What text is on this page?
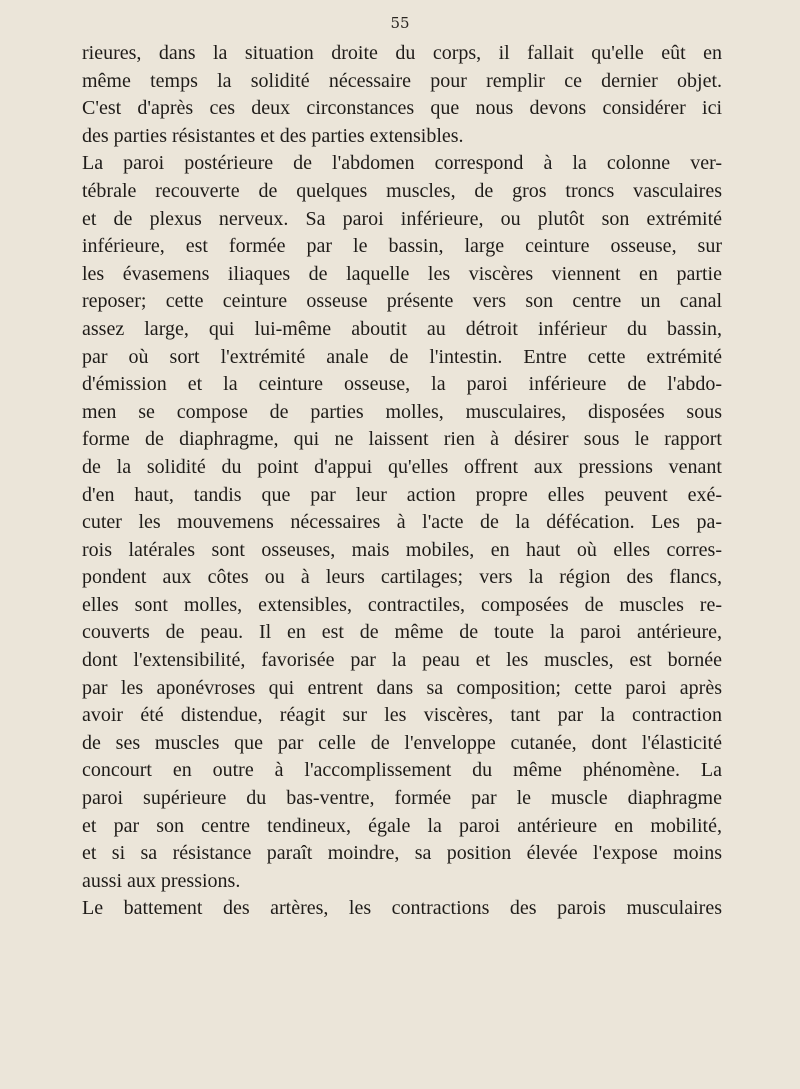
55
rieures, dans la situation droite du corps, il fallait qu'elle eût en
même temps la solidité nécessaire pour remplir ce dernier objet.
C'est d'après ces deux circonstances que nous devons considérer ici
des parties résistantes et des parties extensibles.
La paroi postérieure de l'abdomen correspond à la colonne ver-
tébrale recouverte de quelques muscles, de gros troncs vasculaires
et de plexus nerveux. Sa paroi inférieure, ou plutôt son extrémité
inférieure, est formée par le bassin, large ceinture osseuse, sur
les évasemens iliaques de laquelle les viscères viennent en partie
reposer; cette ceinture osseuse présente vers son centre un canal
assez large, qui lui-même aboutit au détroit inférieur du bassin,
par où sort l'extrémité anale de l'intestin. Entre cette extrémité
d'émission et la ceinture osseuse, la paroi inférieure de l'abdo-
men se compose de parties molles, musculaires, disposées sous
forme de diaphragme, qui ne laissent rien à désirer sous le rapport
de la solidité du point d'appui qu'elles offrent aux pressions venant
d'en haut, tandis que par leur action propre elles peuvent exé-
cuter les mouvemens nécessaires à l'acte de la défécation. Les pa-
rois latérales sont osseuses, mais mobiles, en haut où elles corres-
pondent aux côtes ou à leurs cartilages; vers la région des flancs,
elles sont molles, extensibles, contractiles, composées de muscles re-
couverts de peau. Il en est de même de toute la paroi antérieure,
dont l'extensibilité, favorisée par la peau et les muscles, est bornée
par les aponévroses qui entrent dans sa composition; cette paroi après
avoir été distendue, réagit sur les viscères, tant par la contraction
de ses muscles que par celle de l'enveloppe cutanée, dont l'élasticité
concourt en outre à l'accomplissement du même phénomène. La
paroi supérieure du bas-ventre, formée par le muscle diaphragme
et par son centre tendineux, égale la paroi antérieure en mobilité,
et si sa résistance paraît moindre, sa position élevée l'expose moins
aussi aux pressions.
Le battement des artères, les contractions des parois musculaires
